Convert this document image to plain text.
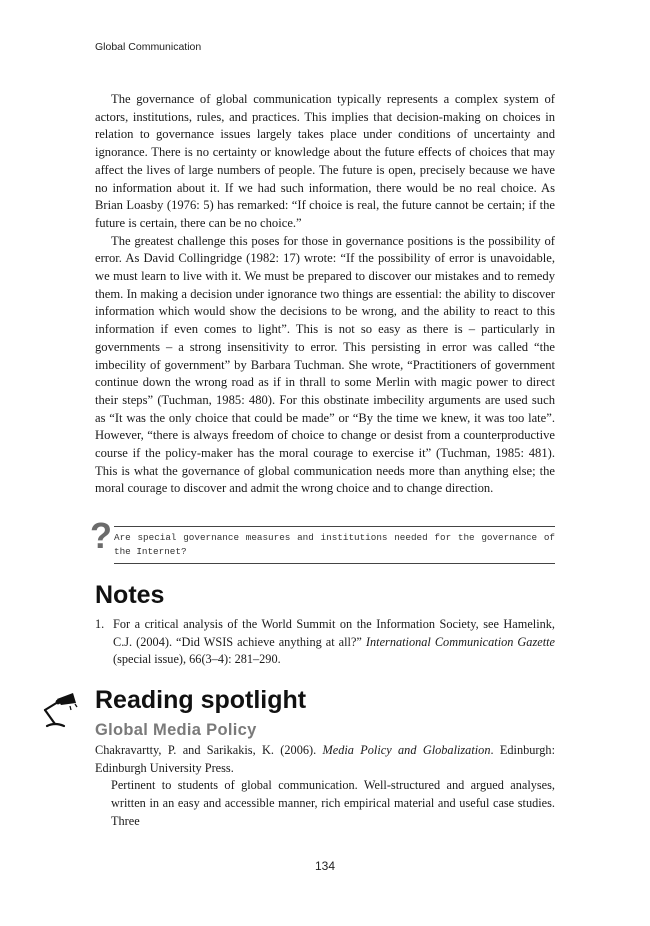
Global Communication

The governance of global communication typically represents a complex system of actors, institutions, rules, and practices. This implies that decision-making on choices in relation to governance issues largely takes place under conditions of uncertainty and ignorance. There is no certainty or knowledge about the future effects of choices that may affect the lives of large numbers of people. The future is open, precisely because we have no information about it. If we had such information, there would be no real choice. As Brian Loasby (1976: 5) has remarked: “If choice is real, the future cannot be certain; if the future is certain, there can be no choice.”

The greatest challenge this poses for those in governance positions is the possibility of error. As David Collingridge (1982: 17) wrote: “If the possibility of error is unavoidable, we must learn to live with it. We must be prepared to discover our mistakes and to remedy them. In making a decision under ignorance two things are essential: the ability to discover information which would show the decisions to be wrong, and the ability to react to this information if even comes to light”. This is not so easy as there is – particularly in governments – a strong insensitivity to error. This persisting in error was called “the imbecility of government” by Barbara Tuchman. She wrote, “Practitioners of government continue down the wrong road as if in thrall to some Merlin with magic power to direct their steps” (Tuchman, 1985: 480). For this obstinate imbecility arguments are used such as “It was the only choice that could be made” or “By the time we knew, it was too late”. However, “there is always freedom of choice to change or desist from a counterproductive course if the policy-maker has the moral courage to exercise it” (Tuchman, 1985: 481). This is what the governance of global communication needs more than anything else; the moral courage to discover and admit the wrong choice and to change direction.

? Are special governance measures and institutions needed for the governance of the Internet?
Notes
1. For a critical analysis of the World Summit on the Information Society, see Hamelink, C.J. (2004). “Did WSIS achieve anything at all?” International Communication Gazette (special issue), 66(3–4): 281–290.
Reading spotlight
Global Media Policy

Chakravartty, P. and Sarikakis, K. (2006). Media Policy and Globalization. Edinburgh: Edinburgh University Press.

Pertinent to students of global communication. Well-structured and argued analyses, written in an easy and accessible manner, rich empirical material and useful case studies. Three

134
